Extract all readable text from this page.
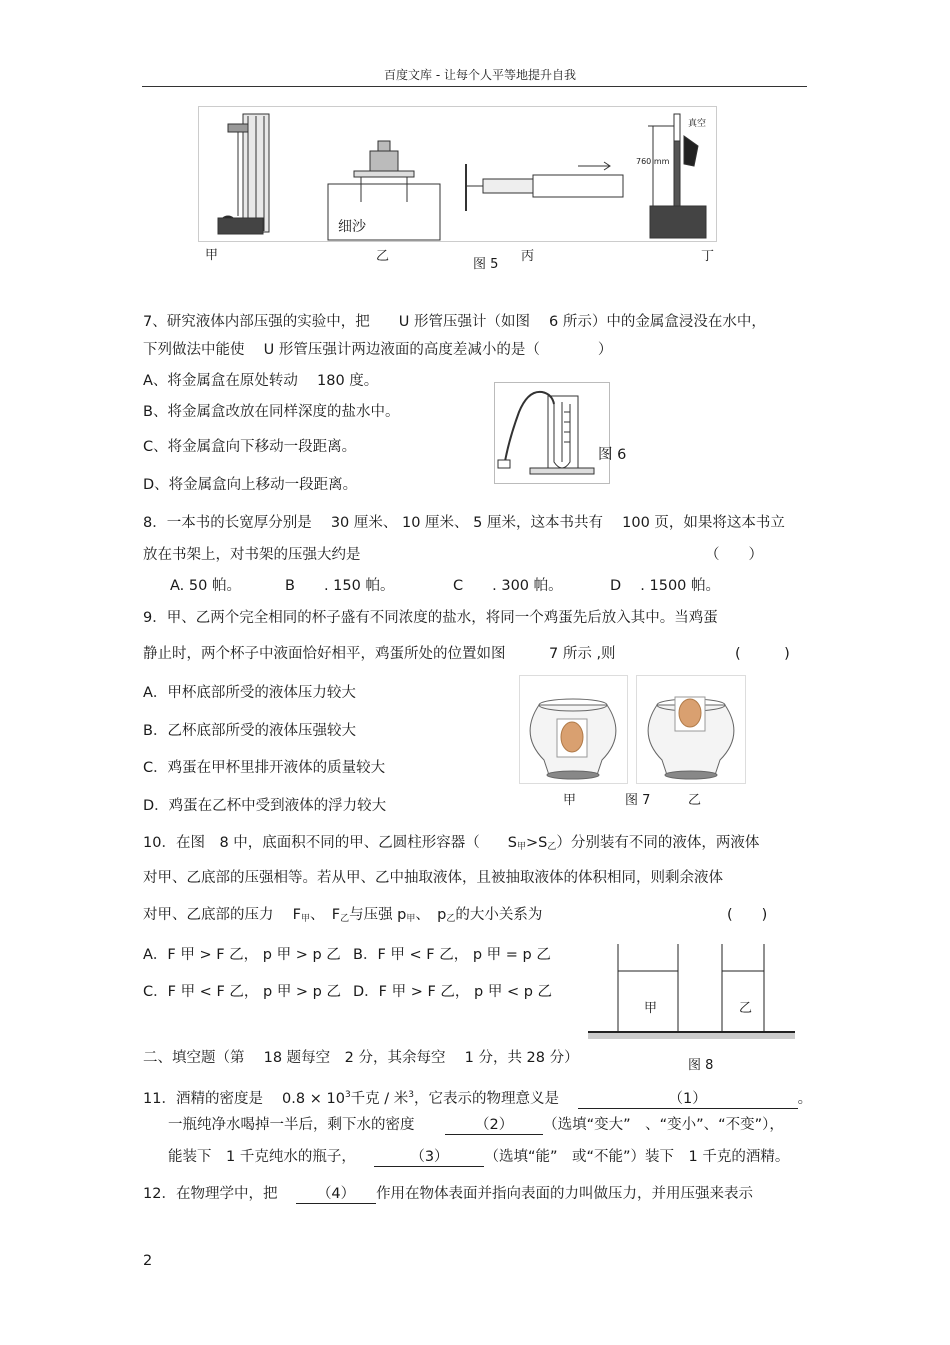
百度文库 - 让每个人平等地提升自我
细沙
真空
760 mm
甲	乙
图 5
丙	丁
7、研究液体内部压强的实验中，把　　U 形管压强计（如图　 6 所示）中的金属盒浸没在水中，
下列做法中能使　 U 形管压强计两边液面的高度差减小的是（　　　　）
A、将金属盒在原处转动　 180 度。
B、将金属盒改放在同样深度的盐水中。
C、将金属盒向下移动一段距离。
D、将金属盒向上移动一段距离。
图 6
8．一本书的长宽厚分别是　 30 厘米、 10 厘米、 5 厘米，这本书共有　 100 页，如果将这本书立
放在书架上，对书架的压强大约是	（　　）
A. 50 帕。	B　　. 150 帕。	C　　. 300 帕。	D　 . 1500 帕。
9．甲、乙两个完全相同的杯子盛有不同浓度的盐水，将同一个鸡蛋先后放入其中。当鸡蛋
静止时，两个杯子中液面恰好相平，鸡蛋所处的位置如图　　　7 所示 ,则	(　　　)
A．甲杯底部所受的液体压力较大
B．乙杯底部所受的液体压强较大
C．鸡蛋在甲杯里排开液体的质量较大
D．鸡蛋在乙杯中受到液体的浮力较大	甲	图 7	乙
10．在图　8 中，底面积不同的甲、乙圆柱形容器（ $S_甲>S_乙$）分别装有不同的液体，两液体
对甲、乙底部的压强相等。若从甲、乙中抽取液体，且被抽取液体的体积相同，则剩余液体
对甲、乙底部的压力　 $F_甲$、　$F_乙$与压强 $p_甲$、　$p_乙$的大小关系为	(　　)
A．F 甲 > F 乙， p 甲 > p 乙 B．F 甲 < F 乙， p 甲 = p 乙
C．F 甲 < F 乙， p 甲 > p 乙 D．F 甲 > F 乙， p 甲 < p 乙
甲	乙
图 8
二、填空题（第　 18 题每空　2 分，其余每空　 1 分，共 28 分）
11．酒精的密度是　 $0.8 \times 10^3$千克 / 米$^3$，它表示的物理意义是	（1）	。
一瓶纯净水喝掉一半后，剩下水的密度	（2） （选填“变大”　、“变小”、“不变”），
能装下　1 千克纯水的瓶子，	（3） （选填“能”　或“不能”）装下　1 千克的酒精。
12．在物理学中，把	（4） 作用在物体表面并指向表面的力叫做压力，并用压强来表示
2
